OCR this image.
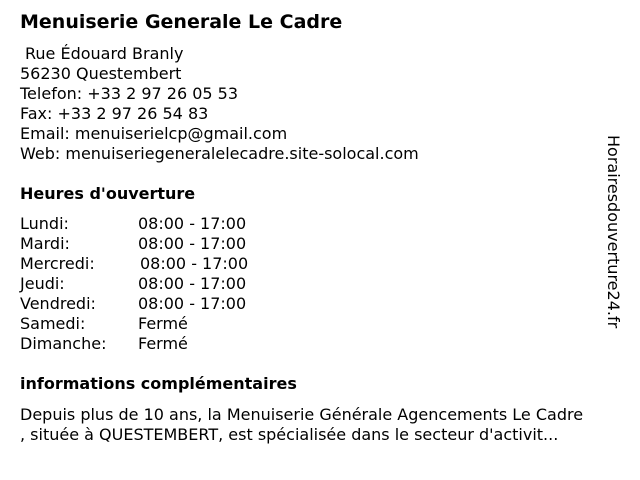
Menuiserie Generale Le Cadre
Rue Édouard Branly
56230 Questembert
Telefon: +33 2 97 26 05 53
Fax: +33 2 97 26 54 83
Email: menuiserielcp@gmail.com
Web: menuiseriegeneralelecadre.site-solocal.com
Heures d'ouverture
Lundi:	08:00 - 17:00
Mardi:	08:00 - 17:00
Mercredi:	08:00 - 17:00
Jeudi:	08:00 - 17:00
Vendredi:	08:00 - 17:00
Samedi:	Fermé
Dimanche: Fermé
informations complémentaires
Depuis plus de 10 ans, la Menuiserie Générale Agencements Le Cadre
, située à QUESTEMBERT, est spécialisée dans le secteur d'activit...
Horairesdouverture24.fr
